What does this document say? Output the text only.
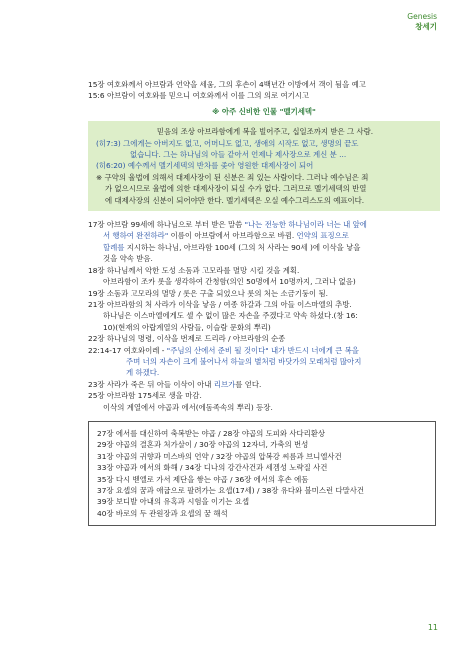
Genesis
창세기
15장 여호와께서 아브람과 언약을 세움, 그의 후손이 4백년간 이방에서 객이 됨을 예고
15:6 아브람이 여호와를 믿으니 여호와께서 이를 그의 의로 여기시고
※ 아주 신비한 인물 "멜기세덱"
믿음의 조상 아브라함에게 복을 빌어주고, 십일조까지 받은 그 사람.
(히7:3) 그에게는 아버지도 없고, 어머니도 없고, 생애의 시작도 없고, 생명의 끝도
없습니다. 그는 하나님의 아들 같아서 언제나 제사장으로 계신 분 ...
(히6:20) 예수께서 멜기세덱의 반차를 좇아 영원한 대제사장이 되어
※ 구약의 율법에 의해서 대제사장이 된 신분은 죄 있는 사람이다. 그러나 예수님은 죄
가 없으시므로 율법에 의한 대제사장이 되실 수가 없다. 그러므로 멜기세덱의 반열
에 대제사장의 신분이 되어야만 한다. 멜기세덱은 오실 예수그리스도의 예표이다.
17장 아브람 99세에 하나님으로 부터 받은 말씀 "나는 전능한 하나님이라 너는 내 앞에
서 행하여 완전하라" 이름이 아브람에서 아브라함으로 바뀜. 언약의 표징으로
할례를 지시하는 하나님, 아브라함 100세 (그의 처 사라는 90세 )에 이삭을 낳을
것을 약속 받음.
18장 하나님께서 악한 도성 소돔과 고모라를 멸망 시킬 것을 계획.
아브라함이 조카 롯을 생각하여 간청함(의인 50명에서 10명까지, 그러나 없음)
19장 소돔과 고모라의 멸망 / 롯은 구출 되었으나 롯의 처는 소금기둥이 됨.
21장 아브라함의 처 사라가 이삭을 낳음 / 여종 하갈과 그의 아들 이스마엘의 추방.
하나님은 이스마엘에게도 셀 수 없이 많은 자손을 주겠다고 약속 하셨다.(창 16:
10)(현재의 아랍계열의 사람들, 이슬람 문화의 뿌리)
22장 하나님의 명령, 이삭을 번제로 드리라 / 아브라함의 순종
22:14-17 여호와이레 - "주님의 산에서 준비 될 것이다" 내가 반드시 너에게 큰 복을
주며 너의 자손이 크게 불어나서 하늘의 별처럼 바닷가의 모래처럼 많아지
게 하겠다.
23장 사라가 죽은 뒤 아들 이삭이 아내 리브가를 얻다.
25장 아브라함 175세로 생을 마감.
이삭의 계열에서 야곱과 에서(에돔족속의 뿌리) 등장.
27장 에서를 대신하여 축복받는 야곱 / 28장 야곱의 도피와 사다리환상
29장 야곱의 결혼과 처가살이 / 30장 야곱의 12자녀, 가축의 번성
31장 야곱의 귀향과 미스바의 언약 / 32장 야곱의 압복강 씨름과 브니엘사건
33장 야곱과 에서의 화해 / 34장 디나의 강간사건과 세겜성 노략질 사건
35장 다시 벧엘로 가서 제단을 쌓는 야곱 / 36장 에서의 후손 에돔
37장 요셉의 꿈과 애굽으로 팔려가는 요셉(17세) / 38장 유다와 블미스런 다말사건
39장 보디발 아내의 유혹과 시험을 이기는 요셉
40장 바로의 두 관원장과 요셉의 꿈 해석
11
